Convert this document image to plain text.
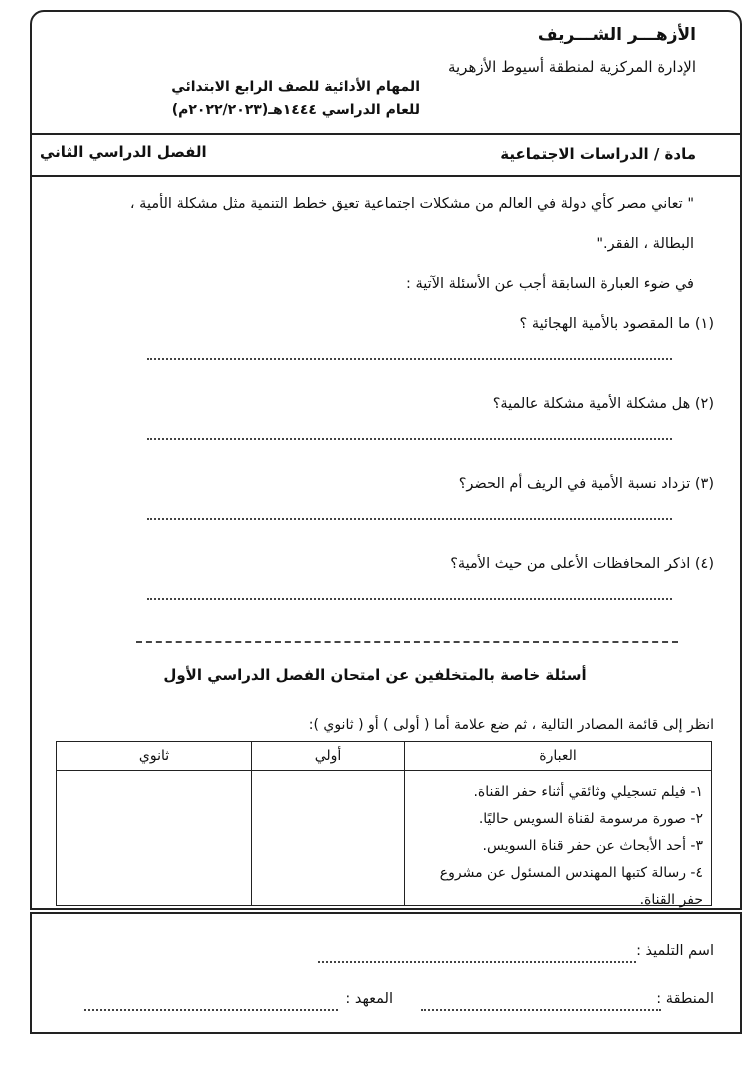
الأزهـــر الشـــريف
الإدارة المركزية لمنطقة أسيوط الأزهرية
المهام الأدائية للصف الرابع الابتدائي
للعام الدراسي ١٤٤٤هـ(٢٠٢٢/٢٠٢٣م)
مادة / الدراسات الاجتماعية
الفصل الدراسي الثاني
" تعاني مصر كأي دولة في العالم من مشكلات اجتماعية تعيق خطط التنمية مثل مشكلة الأمية ،
البطالة ، الفقر."
في ضوء العبارة السابقة أجب عن الأسئلة الآتية :
(١) ما المقصود بالأمية الهجائية ؟
(٢) هل مشكلة الأمية مشكلة عالمية؟
(٣) تزداد نسبة الأمية في الريف أم الحضر؟
(٤) اذكر المحافظات الأعلى من حيث الأمية؟
أسئلة خاصة بالمتخلفين عن امتحان الفصل الدراسي الأول
انظر إلى قائمة المصادر التالية ، ثم ضع علامة أما ( أولى ) أو ( ثانوي ):
العبارة	أولي	ثانوي

١- فيلم تسجيلي وثائقي أثناء حفر القناة.
٢- صورة مرسومة لقناة السويس حاليًا.
٣- أحد الأبحاث عن حفر قناة السويس.
٤- رسالة كتبها المهندس المسئول عن مشروع حفر القناة.		

اسم التلميذ :
المنطقة :
المعهد :
